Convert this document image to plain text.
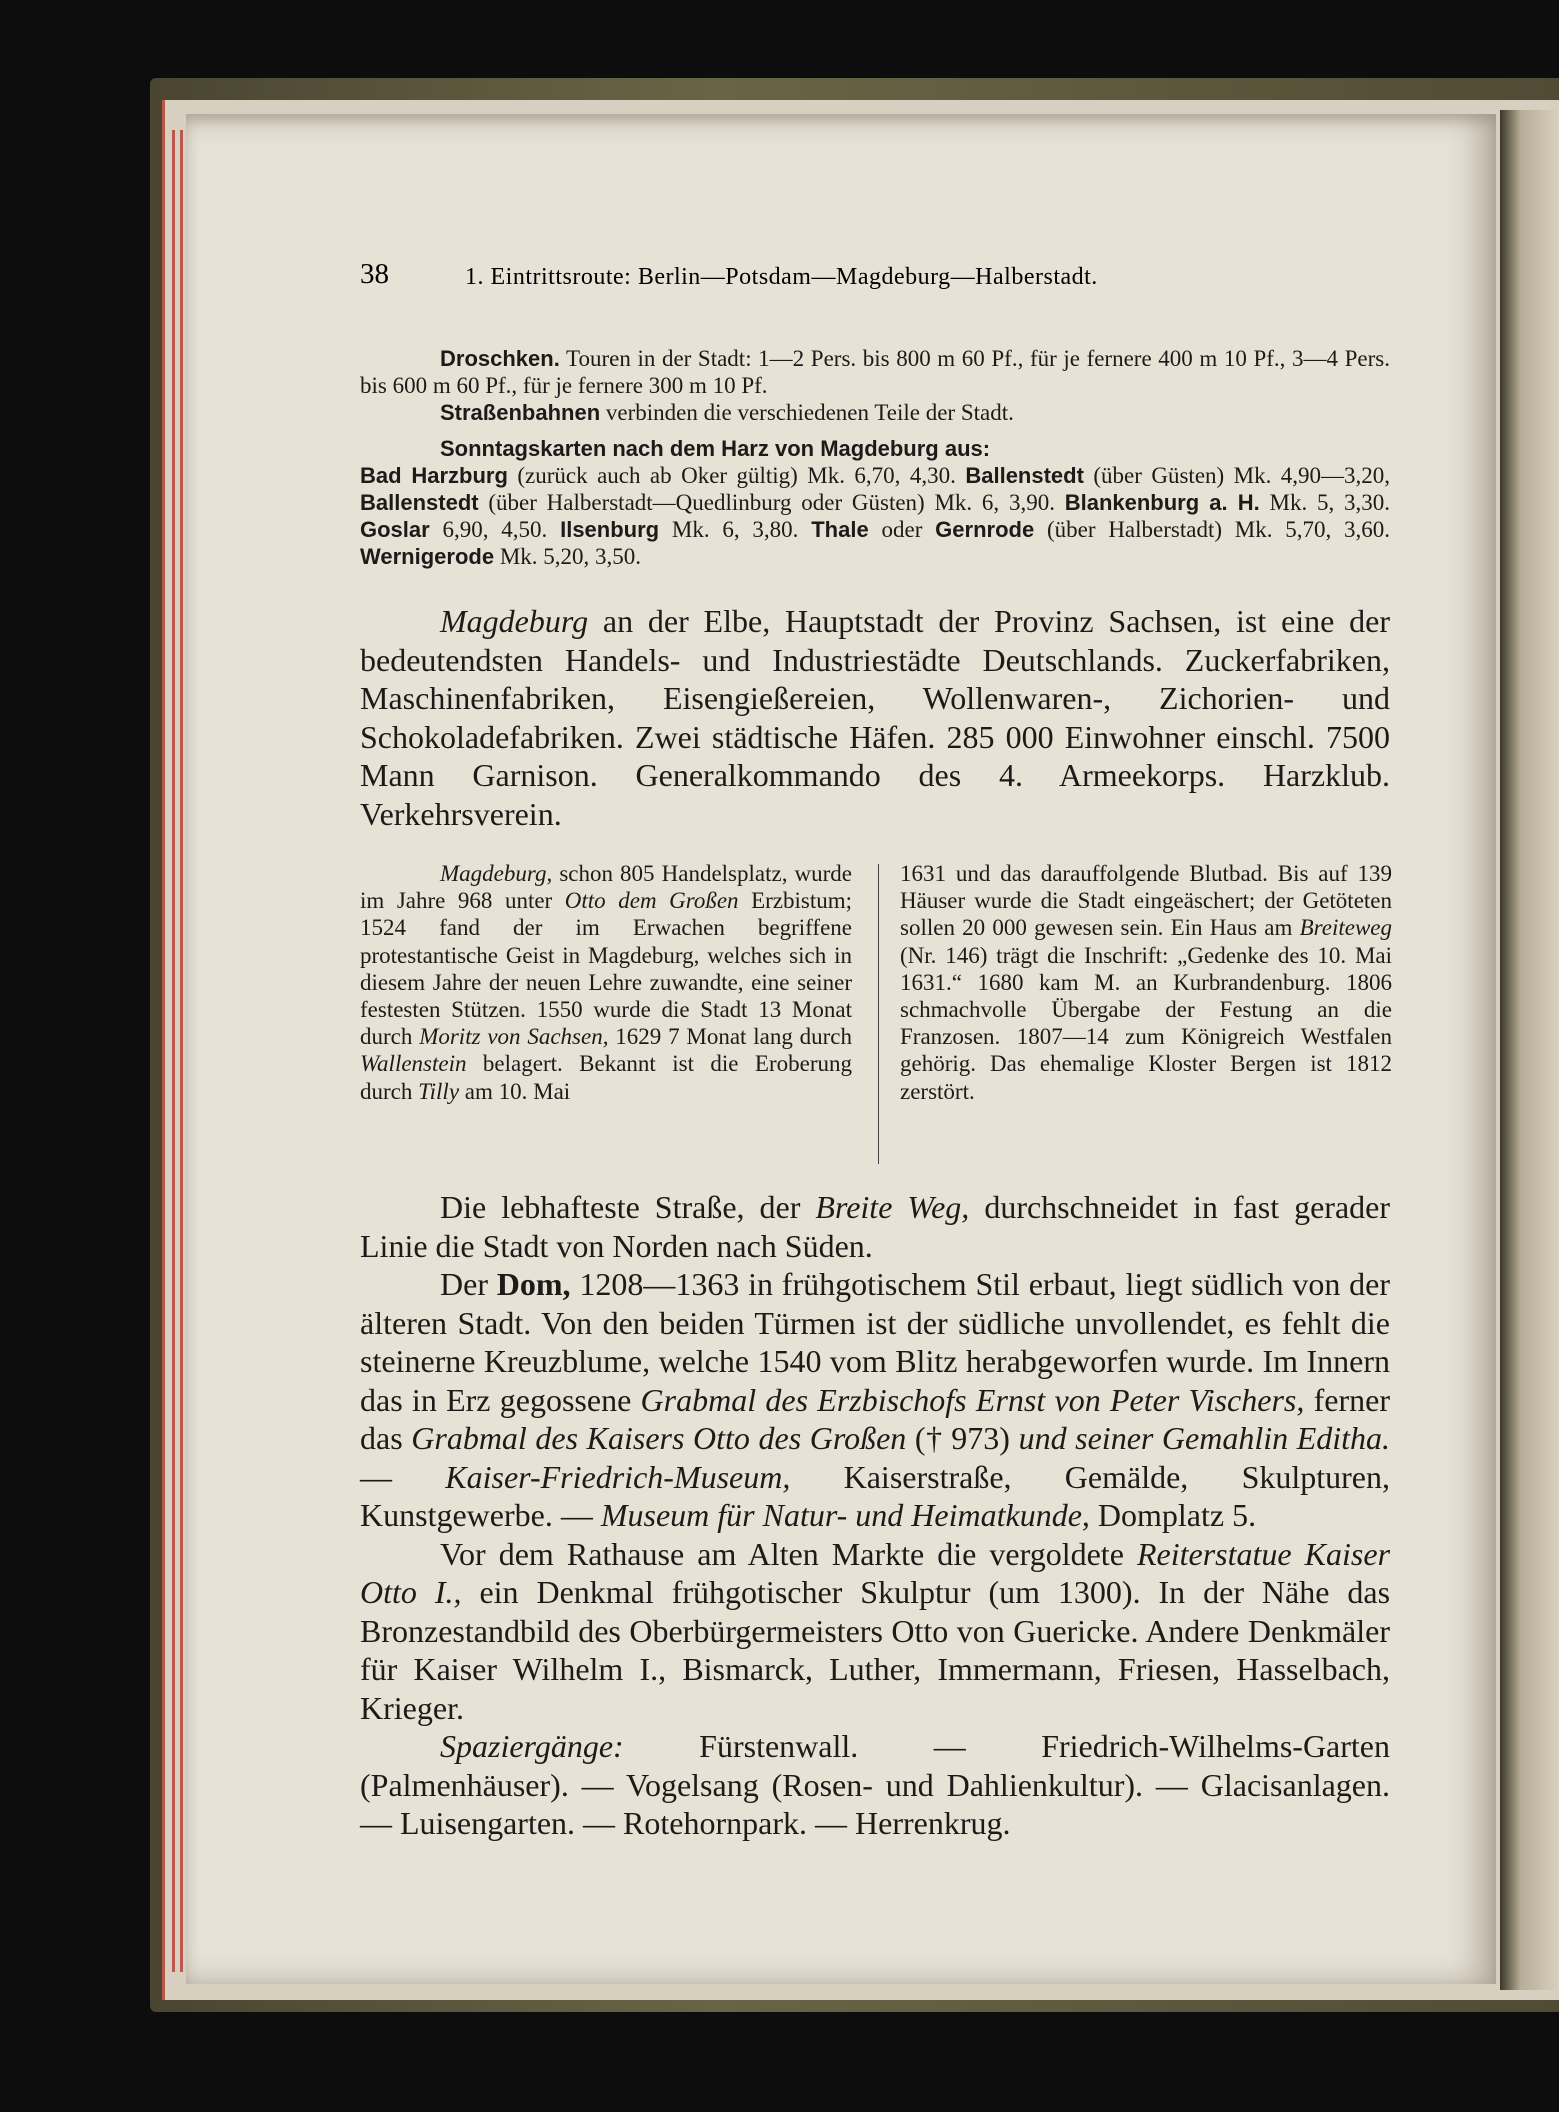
38	1. Eintrittsroute: Berlin—Potsdam—Magdeburg—Halberstadt.
Droschken. Touren in der Stadt: 1—2 Pers. bis 800 m 60 Pf., für je fernere 400 m 10 Pf., 3—4 Pers. bis 600 m 60 Pf., für je fernere 300 m 10 Pf.
Straßenbahnen verbinden die verschiedenen Teile der Stadt.
Sonntagskarten nach dem Harz von Magdeburg aus:
Bad Harzburg (zurück auch ab Oker gültig) Mk. 6,70, 4,30. Ballenstedt (über Güsten) Mk. 4,90—3,20, Ballenstedt (über Halberstadt—Quedlinburg oder Güsten) Mk. 6, 3,90. Blankenburg a. H. Mk. 5, 3,30. Goslar 6,90, 4,50. Ilsenburg Mk. 6, 3,80. Thale oder Gernrode (über Halberstadt) Mk. 5,70, 3,60. Wernigerode Mk. 5,20, 3,50.

Magdeburg an der Elbe, Hauptstadt der Provinz Sachsen, ist eine der bedeutendsten Handels- und Industriestädte Deutschlands. Zuckerfabriken, Maschinenfabriken, Eisengießereien, Wollenwaren-, Zichorien- und Schokoladefabriken. Zwei städtische Häfen. 285 000 Einwohner einschl. 7500 Mann Garnison. Generalkommando des 4. Armeekorps. Harzklub. Verkehrsverein.

Magdeburg, schon 805 Handelsplatz, wurde im Jahre 968 unter Otto dem Großen Erzbistum; 1524 fand der im Erwachen begriffene protestantische Geist in Magdeburg, welches sich in diesem Jahre der neuen Lehre zuwandte, eine seiner festesten Stützen. 1550 wurde die Stadt 13 Monat durch Moritz von Sachsen, 1629 7 Monat lang durch Wallenstein belagert. Bekannt ist die Eroberung durch Tilly am 10. Mai
1631 und das darauffolgende Blutbad. Bis auf 139 Häuser wurde die Stadt eingeäschert; der Getöteten sollen 20 000 gewesen sein. Ein Haus am Breiteweg (Nr. 146) trägt die Inschrift: „Gedenke des 10. Mai 1631.“ 1680 kam M. an Kurbrandenburg. 1806 schmachvolle Übergabe der Festung an die Franzosen. 1807—14 zum Königreich Westfalen gehörig. Das ehemalige Kloster Bergen ist 1812 zerstört.

Die lebhafteste Straße, der Breite Weg, durchschneidet in fast gerader Linie die Stadt von Norden nach Süden.

Der Dom, 1208—1363 in frühgotischem Stil erbaut, liegt südlich von der älteren Stadt. Von den beiden Türmen ist der südliche unvollendet, es fehlt die steinerne Kreuzblume, welche 1540 vom Blitz herabgeworfen wurde. Im Innern das in Erz gegossene Grabmal des Erzbischofs Ernst von Peter Vischers, ferner das Grabmal des Kaisers Otto des Großen († 973) und seiner Gemahlin Editha. — Kaiser-Friedrich-Museum, Kaiserstraße, Gemälde, Skulpturen, Kunstgewerbe. — Museum für Natur- und Heimatkunde, Domplatz 5.

Vor dem Rathause am Alten Markte die vergoldete Reiterstatue Kaiser Otto I., ein Denkmal frühgotischer Skulptur (um 1300). In der Nähe das Bronzestandbild des Oberbürgermeisters Otto von Guericke. Andere Denkmäler für Kaiser Wilhelm I., Bismarck, Luther, Immermann, Friesen, Hasselbach, Krieger.

Spaziergänge: Fürstenwall. — Friedrich-Wilhelms-Garten (Palmenhäuser). — Vogelsang (Rosen- und Dahlienkultur). — Glacisanlagen. — Luisengarten. — Rotehornpark. — Herrenkrug.
